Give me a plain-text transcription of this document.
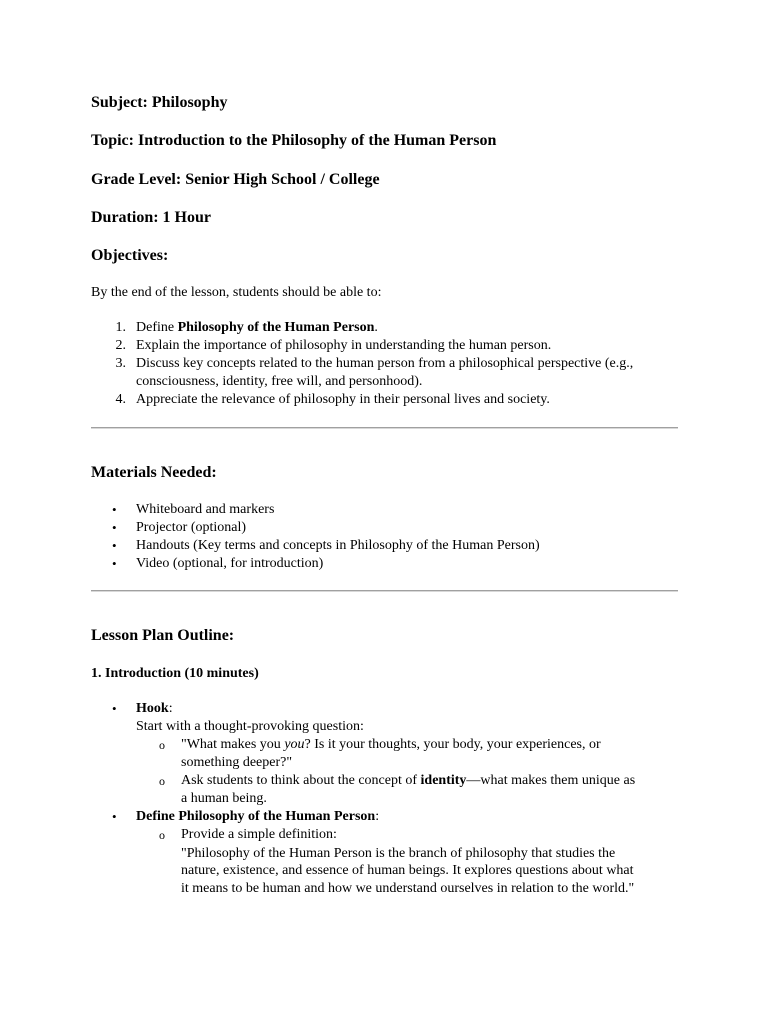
Subject: Philosophy
Topic: Introduction to the Philosophy of the Human Person
Grade Level: Senior High School / College
Duration: 1 Hour
Objectives:
By the end of the lesson, students should be able to:
1. Define Philosophy of the Human Person.
2. Explain the importance of philosophy in understanding the human person.
3. Discuss key concepts related to the human person from a philosophical perspective (e.g.,
consciousness, identity, free will, and personhood).
4. Appreciate the relevance of philosophy in their personal lives and society.
Materials Needed:
• Whiteboard and markers
• Projector (optional)
• Handouts (Key terms and concepts in Philosophy of the Human Person)
• Video (optional, for introduction)
Lesson Plan Outline:
1. Introduction (10 minutes)
• Hook:
Start with a thought-provoking question:
o "What makes you you? Is it your thoughts, your body, your experiences, or
something deeper?"
o Ask students to think about the concept of identity—what makes them unique as
a human being.
• Define Philosophy of the Human Person:
o Provide a simple definition:
"Philosophy of the Human Person is the branch of philosophy that studies the
nature, existence, and essence of human beings. It explores questions about what
it means to be human and how we understand ourselves in relation to the world."
